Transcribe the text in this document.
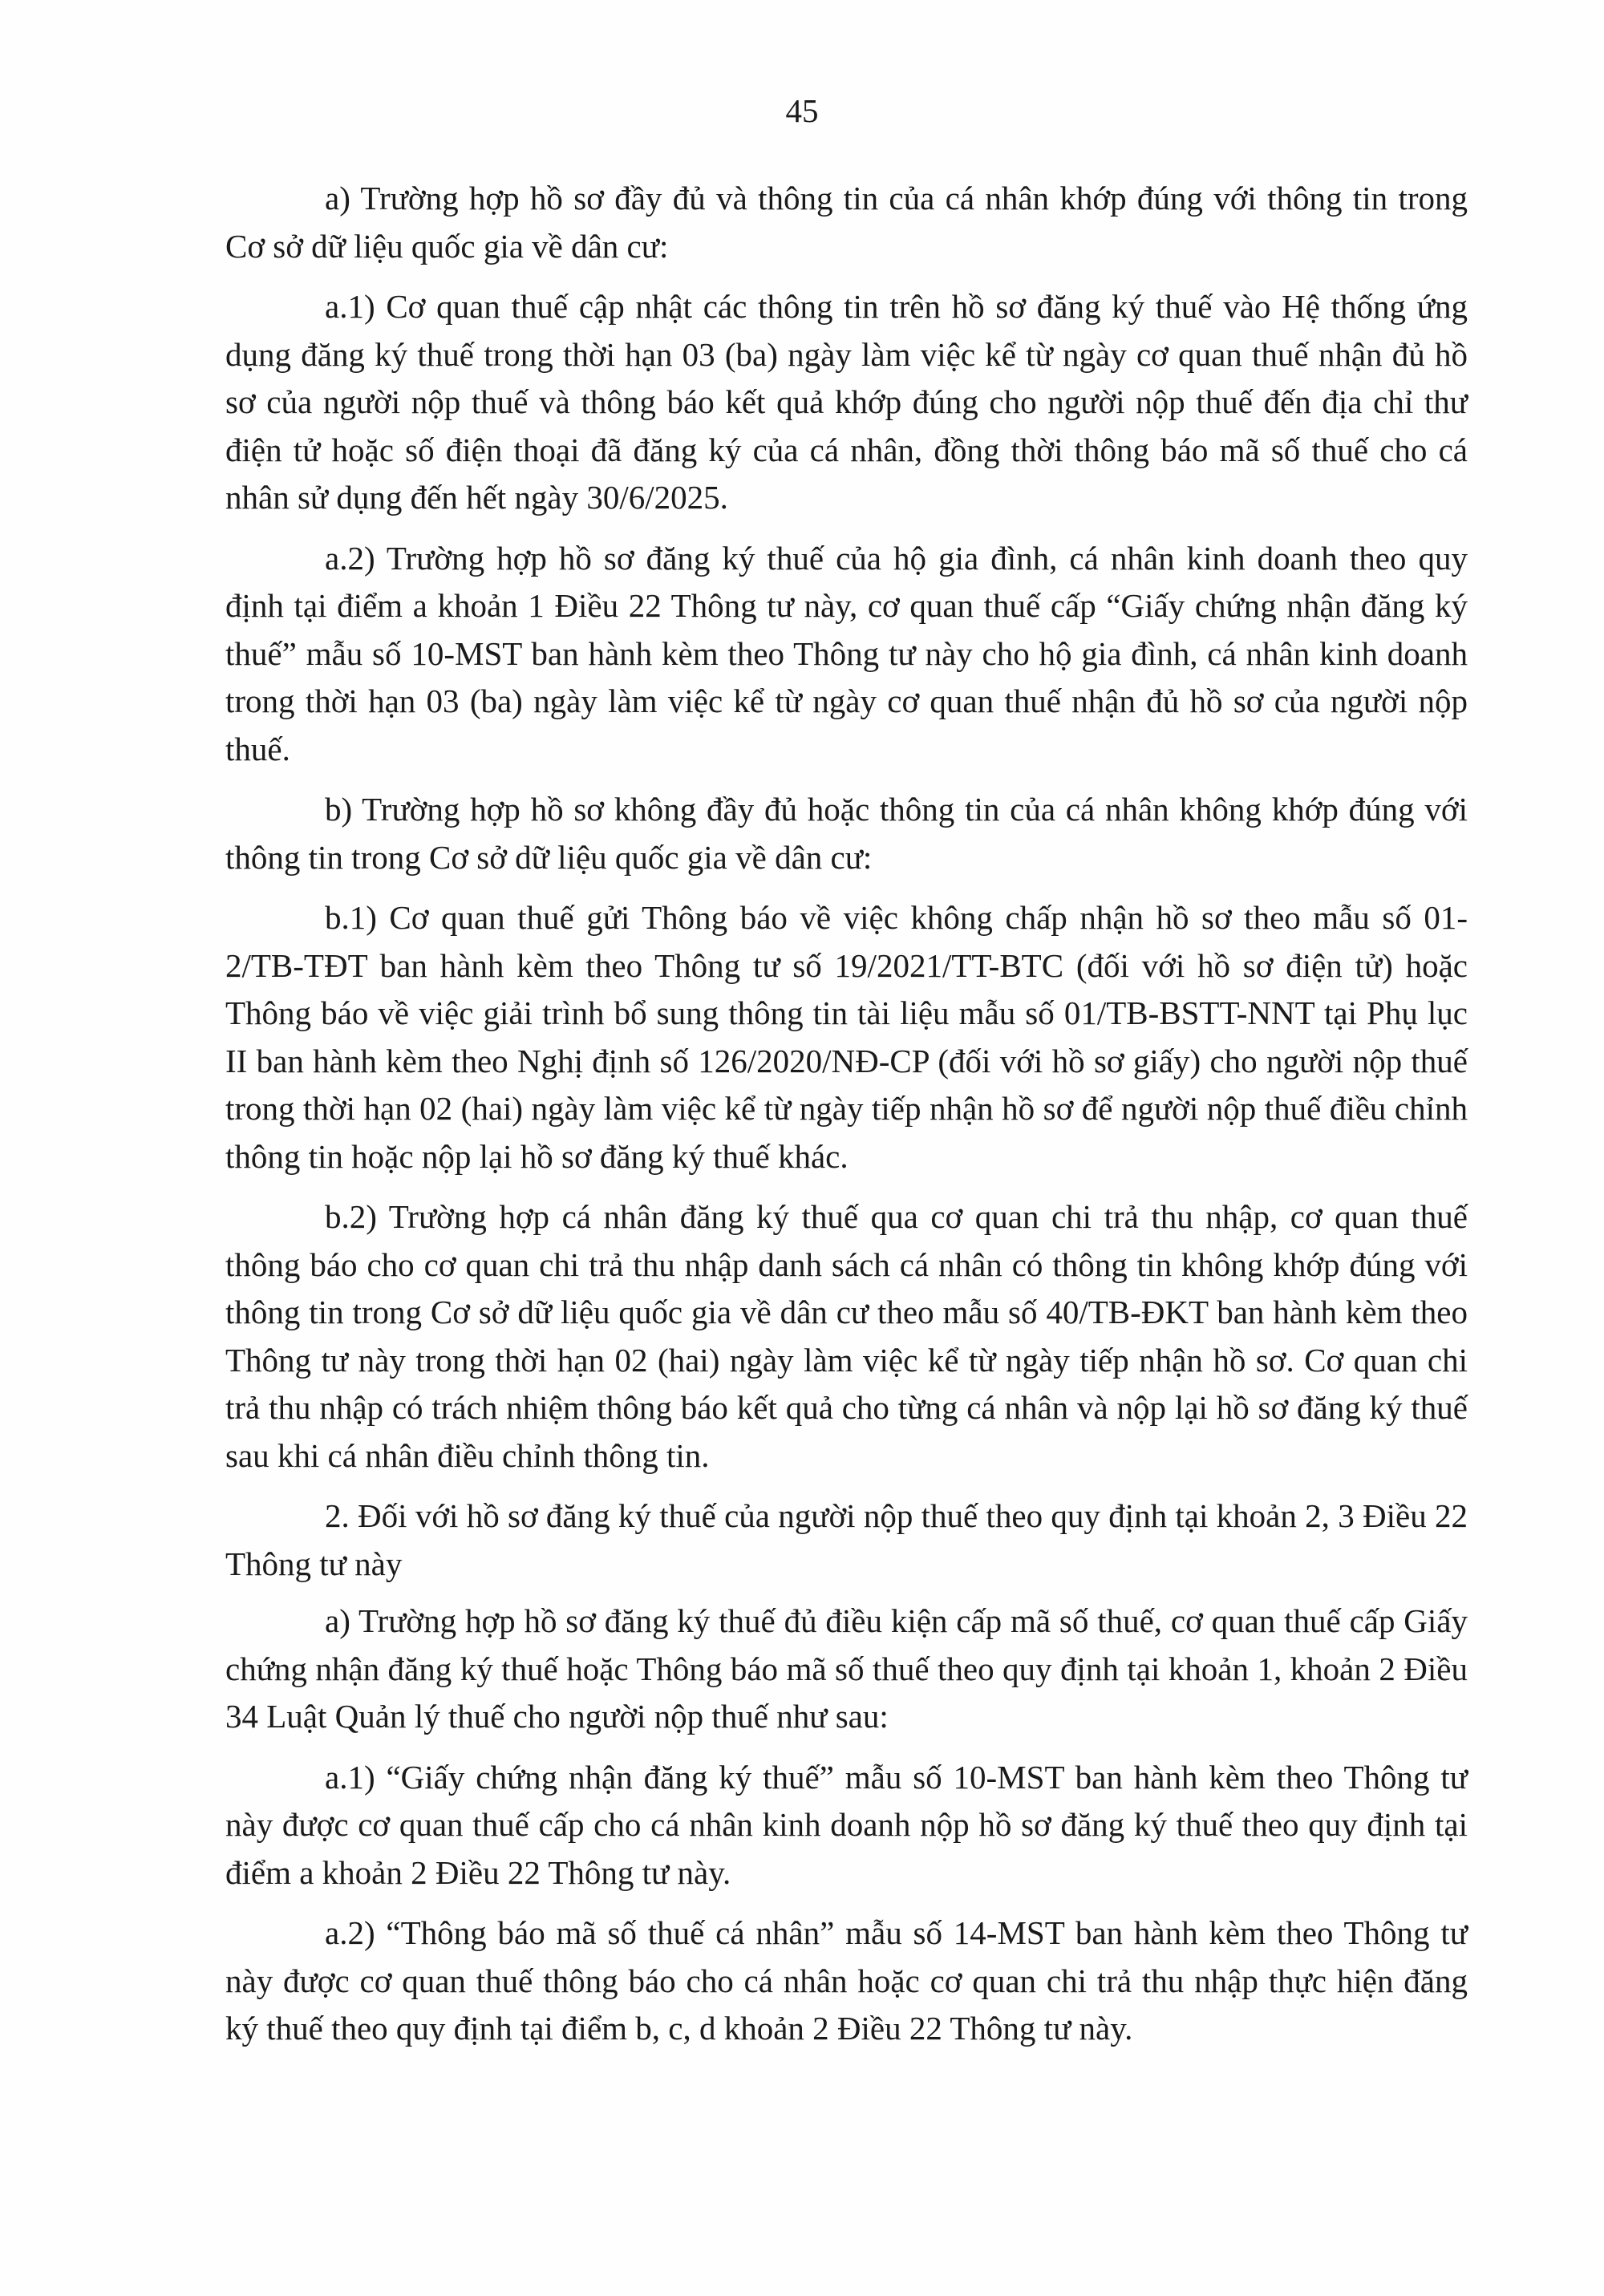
45

a) Trường hợp hồ sơ đầy đủ và thông tin của cá nhân khớp đúng với thông tin trong Cơ sở dữ liệu quốc gia về dân cư:

a.1) Cơ quan thuế cập nhật các thông tin trên hồ sơ đăng ký thuế vào Hệ thống ứng dụng đăng ký thuế trong thời hạn 03 (ba) ngày làm việc kể từ ngày cơ quan thuế nhận đủ hồ sơ của người nộp thuế và thông báo kết quả khớp đúng cho người nộp thuế đến địa chỉ thư điện tử hoặc số điện thoại đã đăng ký của cá nhân, đồng thời thông báo mã số thuế cho cá nhân sử dụng đến hết ngày 30/6/2025.

a.2) Trường hợp hồ sơ đăng ký thuế của hộ gia đình, cá nhân kinh doanh theo quy định tại điểm a khoản 1 Điều 22 Thông tư này, cơ quan thuế cấp “Giấy chứng nhận đăng ký thuế” mẫu số 10-MST ban hành kèm theo Thông tư này cho hộ gia đình, cá nhân kinh doanh trong thời hạn 03 (ba) ngày làm việc kể từ ngày cơ quan thuế nhận đủ hồ sơ của người nộp thuế.

b) Trường hợp hồ sơ không đầy đủ hoặc thông tin của cá nhân không khớp đúng với thông tin trong Cơ sở dữ liệu quốc gia về dân cư:

b.1) Cơ quan thuế gửi Thông báo về việc không chấp nhận hồ sơ theo mẫu số 01-2/TB-TĐT ban hành kèm theo Thông tư số 19/2021/TT-BTC (đối với hồ sơ điện tử) hoặc Thông báo về việc giải trình bổ sung thông tin tài liệu mẫu số 01/TB-BSTT-NNT tại Phụ lục II ban hành kèm theo Nghị định số 126/2020/NĐ-CP (đối với hồ sơ giấy) cho người nộp thuế trong thời hạn 02 (hai) ngày làm việc kể từ ngày tiếp nhận hồ sơ để người nộp thuế điều chỉnh thông tin hoặc nộp lại hồ sơ đăng ký thuế khác.

b.2) Trường hợp cá nhân đăng ký thuế qua cơ quan chi trả thu nhập, cơ quan thuế thông báo cho cơ quan chi trả thu nhập danh sách cá nhân có thông tin không khớp đúng với thông tin trong Cơ sở dữ liệu quốc gia về dân cư theo mẫu số 40/TB-ĐKT ban hành kèm theo Thông tư này trong thời hạn 02 (hai) ngày làm việc kể từ ngày tiếp nhận hồ sơ. Cơ quan chi trả thu nhập có trách nhiệm thông báo kết quả cho từng cá nhân và nộp lại hồ sơ đăng ký thuế sau khi cá nhân điều chỉnh thông tin.

2. Đối với hồ sơ đăng ký thuế của người nộp thuế theo quy định tại khoản 2, 3 Điều 22 Thông tư này

a) Trường hợp hồ sơ đăng ký thuế đủ điều kiện cấp mã số thuế, cơ quan thuế cấp Giấy chứng nhận đăng ký thuế hoặc Thông báo mã số thuế theo quy định tại khoản 1, khoản 2 Điều 34 Luật Quản lý thuế cho người nộp thuế như sau:

a.1) “Giấy chứng nhận đăng ký thuế” mẫu số 10-MST ban hành kèm theo Thông tư này được cơ quan thuế cấp cho cá nhân kinh doanh nộp hồ sơ đăng ký thuế theo quy định tại điểm a khoản 2 Điều 22 Thông tư này.

a.2) “Thông báo mã số thuế cá nhân” mẫu số 14-MST ban hành kèm theo Thông tư này được cơ quan thuế thông báo cho cá nhân hoặc cơ quan chi trả thu nhập thực hiện đăng ký thuế theo quy định tại điểm b, c, d khoản 2 Điều 22 Thông tư này.
